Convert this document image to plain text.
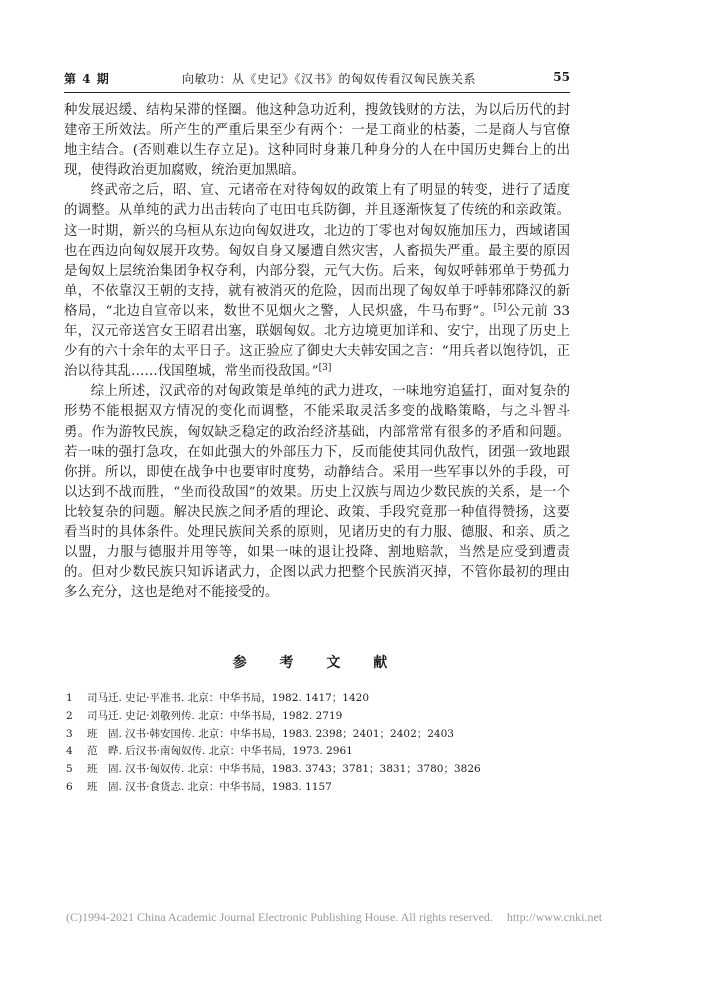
第 4 期	向敏功：从《史记》《汉书》的匈奴传看汉匈民族关系	55

种发展迟缓、结构呆滞的怪圈。他这种急功近利，搜敛钱财的方法，为以后历代的封建帝王所效法。所产生的严重后果至少有两个：一是工商业的枯萎，二是商人与官僚地主结合。(否则难以生存立足)。这种同时身兼几种身分的人在中国历史舞台上的出现，使得政治更加腐败，统治更加黑暗。

终武帝之后，昭、宣、元诸帝在对待匈奴的政策上有了明显的转变，进行了适度的调整。从单纯的武力出击转向了屯田屯兵防御，并且逐渐恢复了传统的和亲政策。这一时期，新兴的乌桓从东边向匈奴进攻，北边的丁零也对匈奴施加压力，西域诸国也在西边向匈奴展开攻势。匈奴自身又屡遭自然灾害，人畜损失严重。最主要的原因是匈奴上层统治集团争权夺利，内部分裂，元气大伤。后来，匈奴呼韩邪单于势孤力单，不依靠汉王朝的支持，就有被消灭的危险，因而出现了匈奴单于呼韩邪降汉的新格局，“北边自宣帝以来，数世不见烟火之警，人民炽盛，牛马布野”。[5]公元前 33 年，汉元帝送宫女王昭君出塞，联姻匈奴。北方边境更加详和、安宁，出现了历史上少有的六十余年的太平日子。这正验应了御史大夫韩安国之言：“用兵者以饱待饥，正治以待其乱……伐国堕城，常坐而役敌国。”[3]

综上所述，汉武帝的对匈政策是单纯的武力进攻，一味地穷追猛打，面对复杂的形势不能根据双方情况的变化而调整，不能采取灵活多变的战略策略，与之斗智斗勇。作为游牧民族，匈奴缺乏稳定的政治经济基础，内部常常有很多的矛盾和问题。若一味的强打急攻，在如此强大的外部压力下，反而能使其同仇敌忾，团强一致地跟你拼。所以，即使在战争中也要审时度势，动静结合。采用一些军事以外的手段，可以达到不战而胜，“坐而役敌国”的效果。历史上汉族与周边少数民族的关系，是一个比较复杂的问题。解决民族之间矛盾的理论、政策、手段究竟那一种值得赞扬，这要看当时的具体条件。处理民族间关系的原则，见诸历史的有力服、德服、和亲、质之以盟，力服与德服并用等等，如果一味的退让投降、割地赔款，当然是应受到遭责的。但对少数民族只知诉诸武力，企图以武力把整个民族消灭掉，不管你最初的理由多么充分，这也是绝对不能接受的。

参 考 文 献
1	司马迁. 史记·平准书. 北京：中华书局，1982. 1417；1420
2	司马迁. 史记·刘敬列传. 北京：中华书局，1982. 2719
3	班　固. 汉书·韩安国传. 北京：中华书局，1983. 2398；2401；2402；2403
4	范　晔. 后汉书·南匈奴传. 北京：中华书局，1973. 2961
5	班　固. 汉书·匈奴传. 北京：中华书局，1983. 3743；3781；3831；3780；3826
6	班　固. 汉书·食货志. 北京：中华书局，1983. 1157
(C)1994-2021 China Academic Journal Electronic Publishing House. All rights reserved. http://www.cnki.net
